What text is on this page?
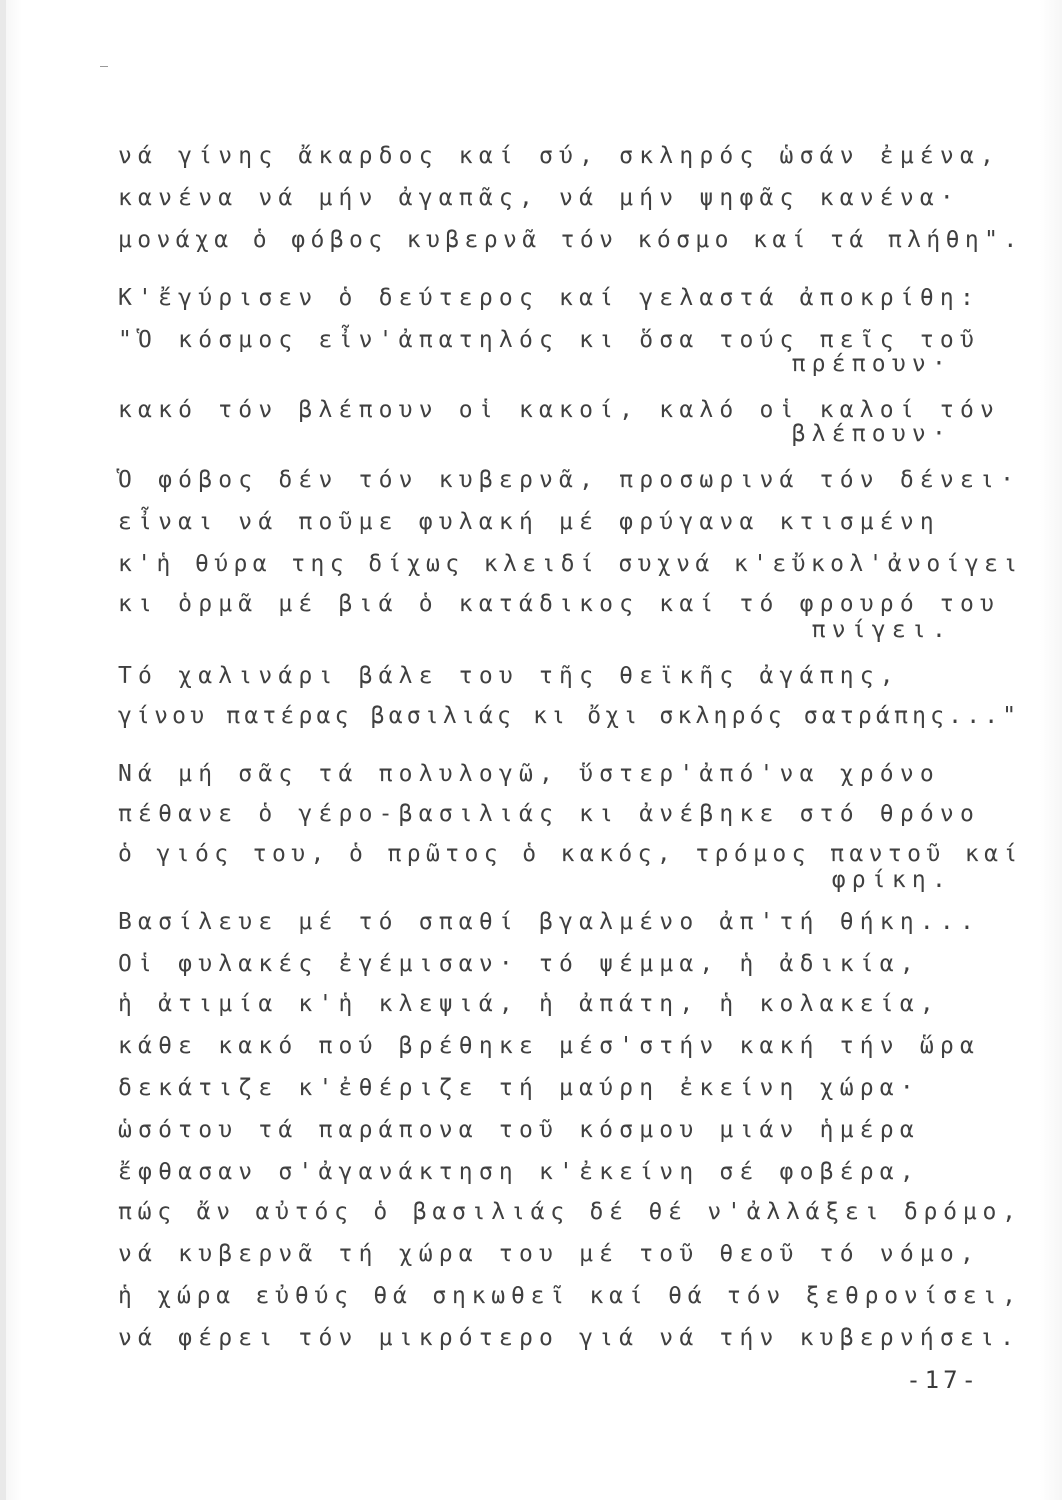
νά γίνης ἄκαρδος καί σύ, σκληρός ὡσάν ἐμένα,
κανένα νά μήν ἀγαπᾶς, νά μήν ψηφᾶς κανένα·
μονάχα ὁ φόβος κυβερνᾶ τόν κόσμο καί τά πλήθη".
Κ'ἔγύρισεν ὁ δεύτερος καί γελαστά ἀποκρίθη:
"Ὁ κόσμος εἶν'ἀπατηλός κι ὅσα τούς πεῖς τοῦ
πρέπουν·
κακό τόν βλέπουν οἱ κακοί, καλό οἱ καλοί τόν
βλέπουν·
Ὁ φόβος δέν τόν κυβερνᾶ, προσωρινά τόν δένει·
εἶναι νά ποῦμε φυλακή μέ φρύγανα κτισμένη
κ'ἡ θύρα της δίχως κλειδί συχνά κ'εὔκολ'ἀνοίγει
κι ὁρμᾶ μέ βιά ὁ κατάδικος καί τό φρουρό του
πνίγει.
Τό χαλινάρι βάλε του τῆς θεϊκῆς ἀγάπης,
γίνου πατέρας βασιλιάς κι ὄχι σκληρός σατράπης..."
Νά μή σᾶς τά πολυλογῶ, ὕστερ'ἀπό'να χρόνο
πέθανε ὁ γέρο-βασιλιάς κι ἀνέβηκε στό θρόνο
ὁ γιός του, ὁ πρῶτος ὁ κακός, τρόμος παντοῦ καί
φρίκη.
Βασίλευε μέ τό σπαθί βγαλμένο ἀπ'τή θήκη...
Οἱ φυλακές ἐγέμισαν· τό ψέμμα, ἡ ἀδικία,
ἡ ἀτιμία κ'ἡ κλεψιά, ἡ ἀπάτη, ἡ κολακεία,
κάθε κακό πού βρέθηκε μέσ'στήν κακή τήν ὥρα
δεκάτιζε κ'ἐθέριζε τή μαύρη ἐκείνη χώρα·
ὡσότου τά παράπονα τοῦ κόσμου μιάν ἡμέρα
ἔφθασαν σ'ἀγανάκτηση κ'ἐκείνη σέ φοβέρα,
πώς ἄν αὐτός ὁ βασιλιάς δέ θέ ν'ἀλλάξει δρόμο,
νά κυβερνᾶ τή χώρα του μέ τοῦ θεοῦ τό νόμο,
ἡ χώρα εὐθύς θά σηκωθεῖ καί θά τόν ξεθρονίσει,
νά φέρει τόν μικρότερο γιά νά τήν κυβερνήσει.
-17-
